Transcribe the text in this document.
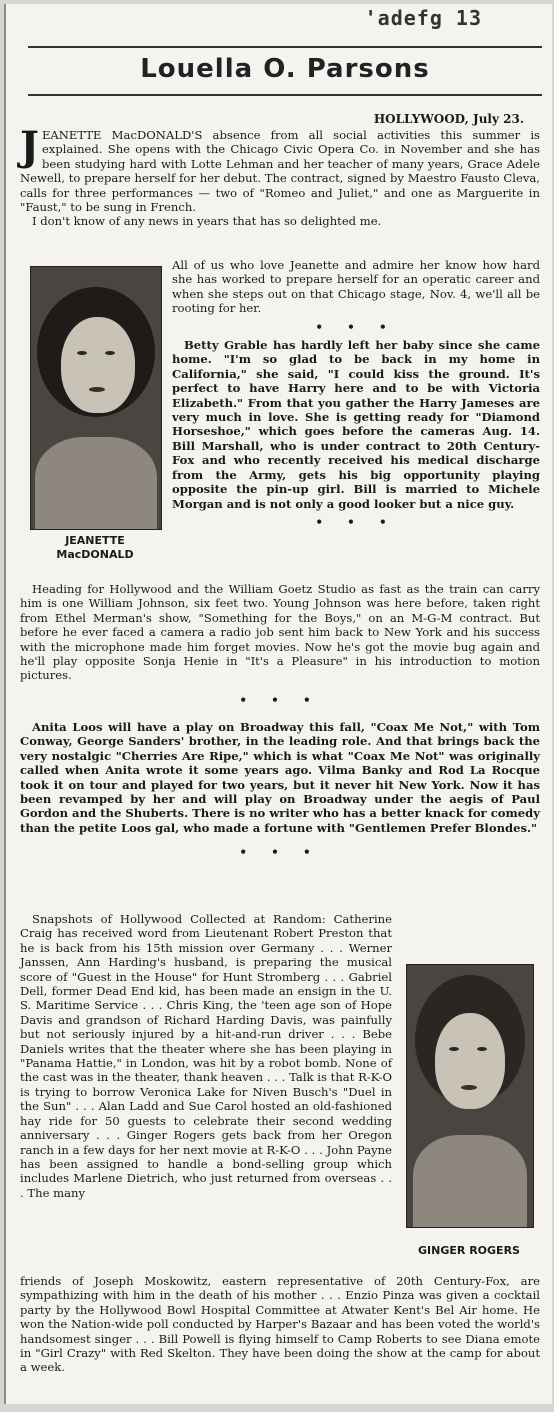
'adefg 13
Louella O. Parsons
HOLLYWOOD, July 23.

JEANETTE MacDONALD'S absence from all social activities this summer is explained. She opens with the Chicago Civic Opera Co. in November and she has been studying hard with Lotte Lehman and her teacher of many years, Grace Adele Newell, to prepare herself for her debut. The contract, signed by Maestro Fausto Cleva, calls for three performances — two of "Romeo and Juliet," and one as Marguerite in "Faust," to be sung in French.

I don't know of any news in years that has so delighted me.

JEANETTE
MacDONALD

All of us who love Jeanette and admire her know how hard she has worked to prepare herself for an operatic career and when she steps out on that Chicago stage, Nov. 4, we'll all be rooting for her.

• • •

Betty Grable has hardly left her baby since she came home. "I'm so glad to be back in my home in California," she said, "I could kiss the ground. It's perfect to have Harry here and to be with Victoria Elizabeth." From that you gather the Harry Jameses are very much in love. She is getting ready for "Diamond Horseshoe," which goes before the cameras Aug. 14. Bill Marshall, who is under contract to 20th Century-Fox and who recently received his medical discharge from the Army, gets his big opportunity playing opposite the pin-up girl. Bill is married to Michele Morgan and is not only a good looker but a nice guy.

• • •

Heading for Hollywood and the William Goetz Studio as fast as the train can carry him is one William Johnson, six feet two. Young Johnson was here before, taken right from Ethel Merman's show, "Something for the Boys," on an M-G-M contract. But before he ever faced a camera a radio job sent him back to New York and his success with the microphone made him forget movies. Now he's got the movie bug again and he'll play opposite Sonja Henie in "It's a Pleasure" in his introduction to motion pictures.

• • •

Anita Loos will have a play on Broadway this fall, "Coax Me Not," with Tom Conway, George Sanders' brother, in the leading role. And that brings back the very nostalgic "Cherries Are Ripe," which is what "Coax Me Not" was originally called when Anita wrote it some years ago. Vilma Banky and Rod La Rocque took it on tour and played for two years, but it never hit New York. Now it has been revamped by her and will play on Broadway under the aegis of Paul Gordon and the Shuberts. There is no writer who has a better knack for comedy than the petite Loos gal, who made a fortune with "Gentlemen Prefer Blondes."

• • •

Snapshots of Hollywood Collected at Random: Catherine Craig has received word from Lieutenant Robert Preston that he is back from his 15th mission over Germany . . . Werner Janssen, Ann Harding's husband, is preparing the musical score of "Guest in the House" for Hunt Stromberg . . . Gabriel Dell, former Dead End kid, has been made an ensign in the U. S. Maritime Service . . . Chris King, the 'teen age son of Hope Davis and grandson of Richard Harding Davis, was painfully but not seriously injured by a hit-and-run driver . . . Bebe Daniels writes that the theater where she has been playing in "Panama Hattie," in London, was hit by a robot bomb. None of the cast was in the theater, thank heaven . . . Talk is that R-K-O is trying to borrow Veronica Lake for Niven Busch's "Duel in the Sun" . . . Alan Ladd and Sue Carol hosted an old-fashioned hay ride for 50 guests to celebrate their second wedding anniversary . . . Ginger Rogers gets back from her Oregon ranch in a few days for her next movie at R-K-O . . . John Payne has been assigned to handle a bond-selling group which includes Marlene Dietrich, who just returned from overseas . . . The many

GINGER ROGERS

friends of Joseph Moskowitz, eastern representative of 20th Century-Fox, are sympathizing with him in the death of his mother . . . Enzio Pinza was given a cocktail party by the Hollywood Bowl Hospital Committee at Atwater Kent's Bel Air home. He won the Nation-wide poll conducted by Harper's Bazaar and has been voted the world's handsomest singer . . . Bill Powell is flying himself to Camp Roberts to see Diana emote in "Girl Crazy" with Red Skelton. They have been doing the show at the camp for about a week.
